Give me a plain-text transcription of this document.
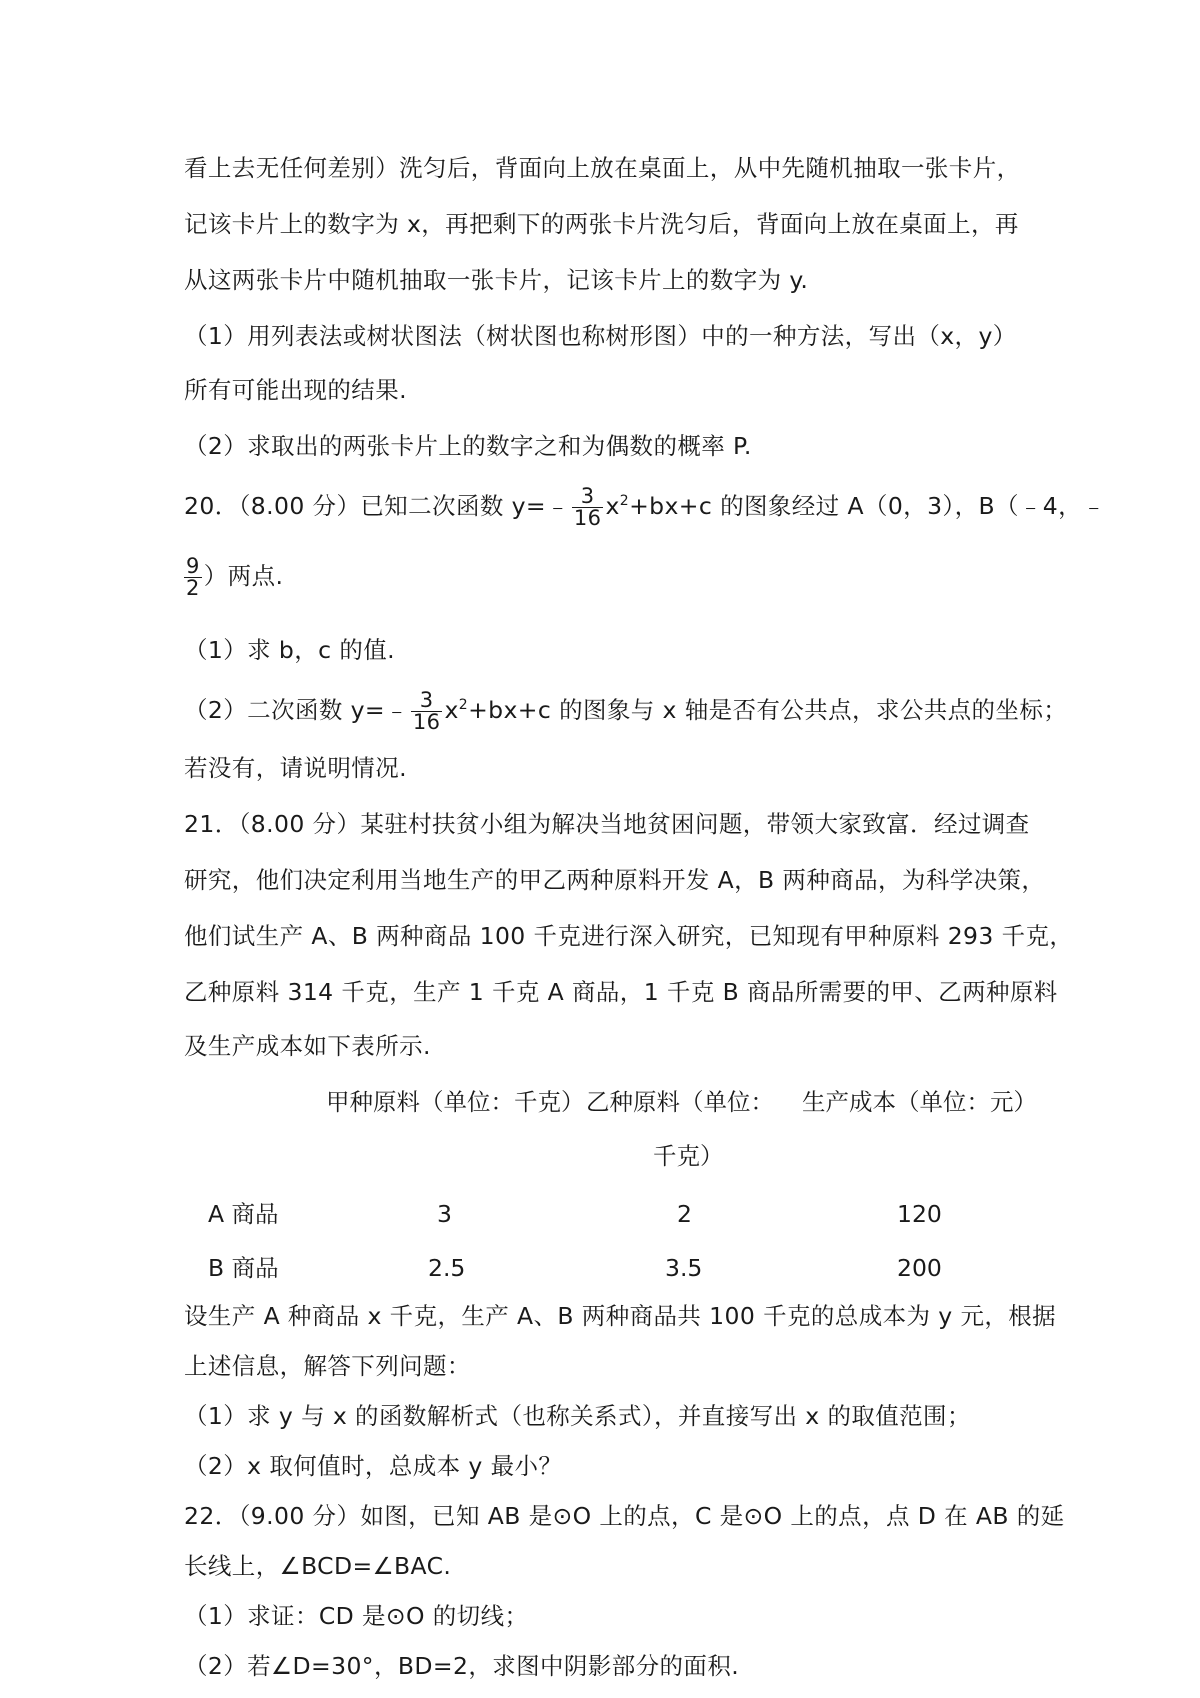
看上去无任何差别）洗匀后，背面向上放在桌面上，从中先随机抽取一张卡片，
记该卡片上的数字为 x，再把剩下的两张卡片洗匀后，背面向上放在桌面上，再
从这两张卡片中随机抽取一张卡片，记该卡片上的数字为 y.
（1）用列表法或树状图法（树状图也称树形图）中的一种方法，写出（x，y）
所有可能出现的结果.
（2）求取出的两张卡片上的数字之和为偶数的概率 P.
20．（8.00 分）已知二次函数 y=﹣ $\frac{3}{16} x^2+bx+c$ 的图象经过 A（0，3），B（﹣4，﹣
$\frac{9}{2}$ ）两点.
（1）求 b，c 的值.
（2）二次函数 y=﹣ $\frac{3}{16} x^2+bx+c$ 的图象与 x 轴是否有公共点，求公共点的坐标；
若没有，请说明情况.
21．（8.00 分）某驻村扶贫小组为解决当地贫困问题，带领大家致富．经过调查
研究，他们决定利用当地生产的甲乙两种原料开发 A，B 两种商品，为科学决策，
他们试生产 A、B 两种商品 100 千克进行深入研究，已知现有甲种原料 293 千克，
乙种原料 314 千克，生产 1 千克 A 商品，1 千克 B 商品所需要的甲、乙两种原料
及生产成本如下表所示.
甲种原料（单位：千克） 乙种原料（单位：
千克）
生产成本（单位：元）
A 商品	3	2	120
B 商品	2.5	3.5	200
设生产 A 种商品 x 千克，生产 A、B 两种商品共 100 千克的总成本为 y 元，根据
上述信息，解答下列问题：
（1）求 y 与 x 的函数解析式（也称关系式），并直接写出 x 的取值范围；
（2）x 取何值时，总成本 y 最小？
22．（9.00 分）如图，已知 AB 是⊙O 上的点，C 是⊙O 上的点，点 D 在 AB 的延
长线上，∠BCD=∠BAC.
（1）求证：CD 是⊙O 的切线；
（2）若∠D=30°，BD=2，求图中阴影部分的面积.
